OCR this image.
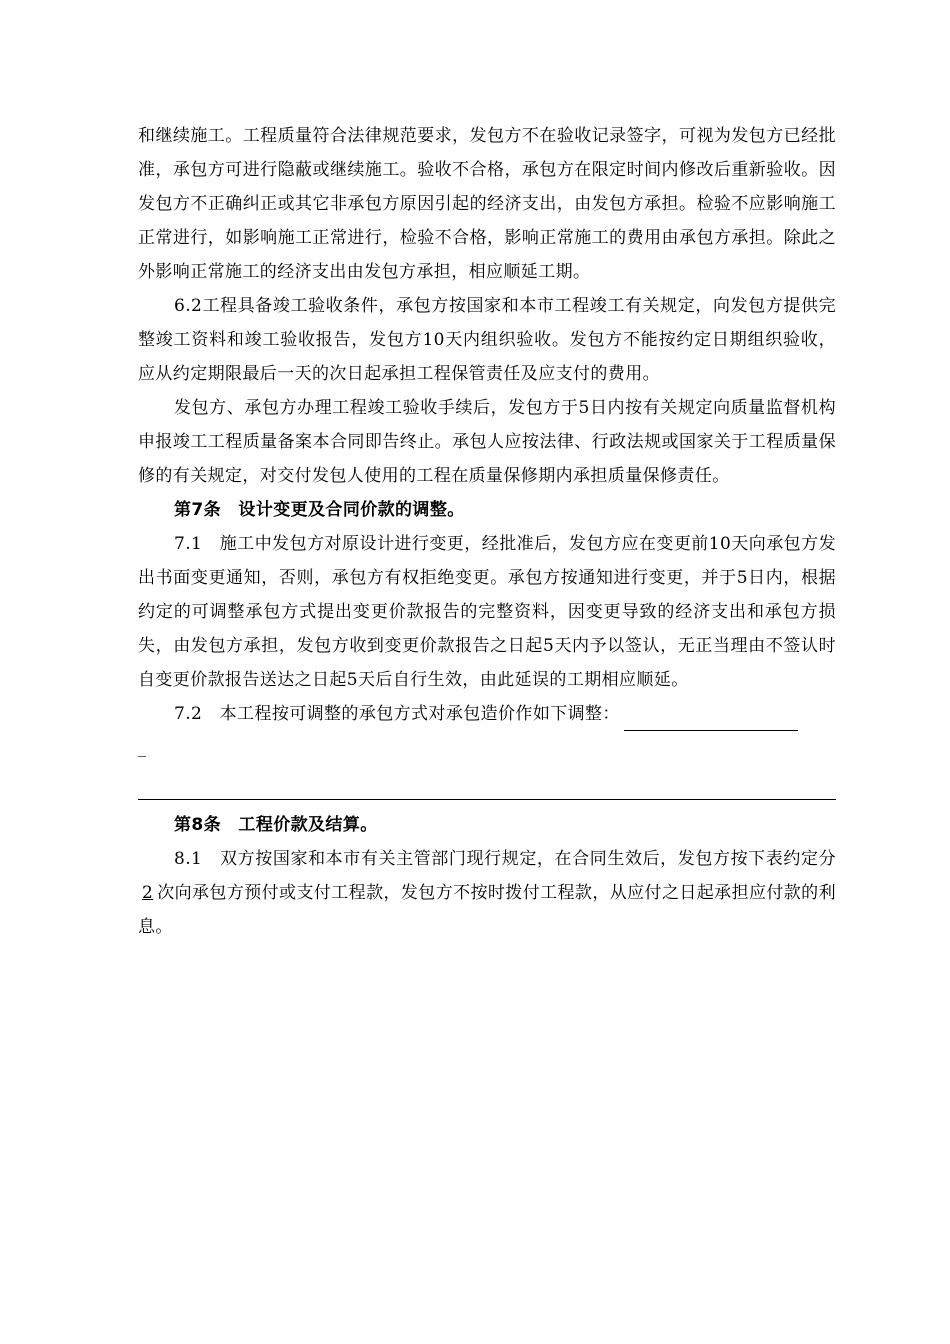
和继续施工。工程质量符合法律规范要求，发包方不在验收记录签字，可视为发包方已经批准，承包方可进行隐蔽或继续施工。验收不合格，承包方在限定时间内修改后重新验收。因发包方不正确纠正或其它非承包方原因引起的经济支出，由发包方承担。检验不应影响施工正常进行，如影响施工正常进行，检验不合格，影响正常施工的费用由承包方承担。除此之外影响正常施工的经济支出由发包方承担，相应顺延工期。

6.2工程具备竣工验收条件，承包方按国家和本市工程竣工有关规定，向发包方提供完整竣工资料和竣工验收报告，发包方10天内组织验收。发包方不能按约定日期组织验收，应从约定期限最后一天的次日起承担工程保管责任及应支付的费用。

发包方、承包方办理工程竣工验收手续后，发包方于5日内按有关规定向质量监督机构申报竣工工程质量备案本合同即告终止。承包人应按法律、行政法规或国家关于工程质量保修的有关规定，对交付发包人使用的工程在质量保修期内承担质量保修责任。

第7条　设计变更及合同价款的调整。

7.1　施工中发包方对原设计进行变更，经批准后，发包方应在变更前10天向承包方发出书面变更通知，否则，承包方有权拒绝变更。承包方按通知进行变更，并于5日内，根据约定的可调整承包方式提出变更价款报告的完整资料，因变更导致的经济支出和承包方损失，由发包方承担，发包方收到变更价款报告之日起5天内予以签认，无正当理由不签认时自变更价款报告送达之日起5天后自行生效，由此延误的工期相应顺延。

7.2　本工程按可调整的承包方式对承包造价作如下调整：

_

第8条　工程价款及结算。

8.1　双方按国家和本市有关主管部门现行规定，在合同生效后，发包方按下表约定分2 次向承包方预付或支付工程款，发包方不按时拨付工程款，从应付之日起承担应付款的利息。
